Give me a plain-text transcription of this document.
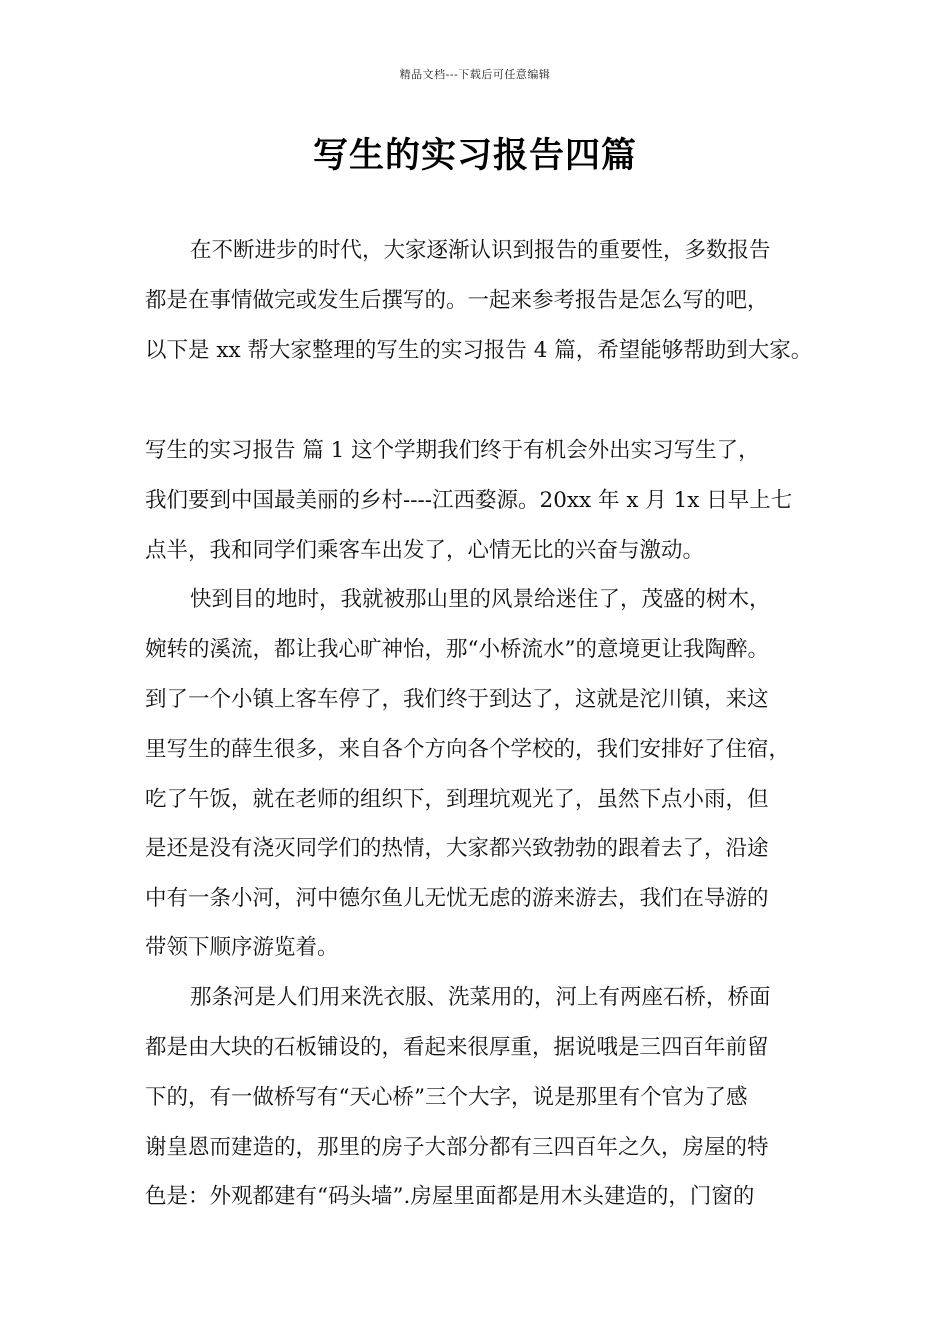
精品文档---下载后可任意编辑
写生的实习报告四篇
在不断进步的时代，大家逐渐认识到报告的重要性，多数报告
都是在事情做完或发生后撰写的。一起来参考报告是怎么写的吧，
以下是 xx 帮大家整理的写生的实习报告 4 篇，希望能够帮助到大家。
写生的实习报告 篇 1 这个学期我们终于有机会外出实习写生了，
我们要到中国最美丽的乡村----江西婺源。20xx 年 x 月 1x 日早上七
点半，我和同学们乘客车出发了，心情无比的兴奋与激动。
快到目的地时，我就被那山里的风景给迷住了，茂盛的树木，
婉转的溪流，都让我心旷神怡，那“小桥流水”的意境更让我陶醉。
到了一个小镇上客车停了，我们终于到达了，这就是沱川镇，来这
里写生的薛生很多，来自各个方向各个学校的，我们安排好了住宿，
吃了午饭，就在老师的组织下，到理坑观光了，虽然下点小雨，但
是还是没有浇灭同学们的热情，大家都兴致勃勃的跟着去了，沿途
中有一条小河，河中德尔鱼儿无忧无虑的游来游去，我们在导游的
带领下顺序游览着。
那条河是人们用来洗衣服、洗菜用的，河上有两座石桥，桥面
都是由大块的石板铺设的，看起来很厚重，据说哦是三四百年前留
下的，有一做桥写有“天心桥”三个大字，说是那里有个官为了感
谢皇恩而建造的，那里的房子大部分都有三四百年之久，房屋的特
色是：外观都建有“码头墙”.房屋里面都是用木头建造的，门窗的
